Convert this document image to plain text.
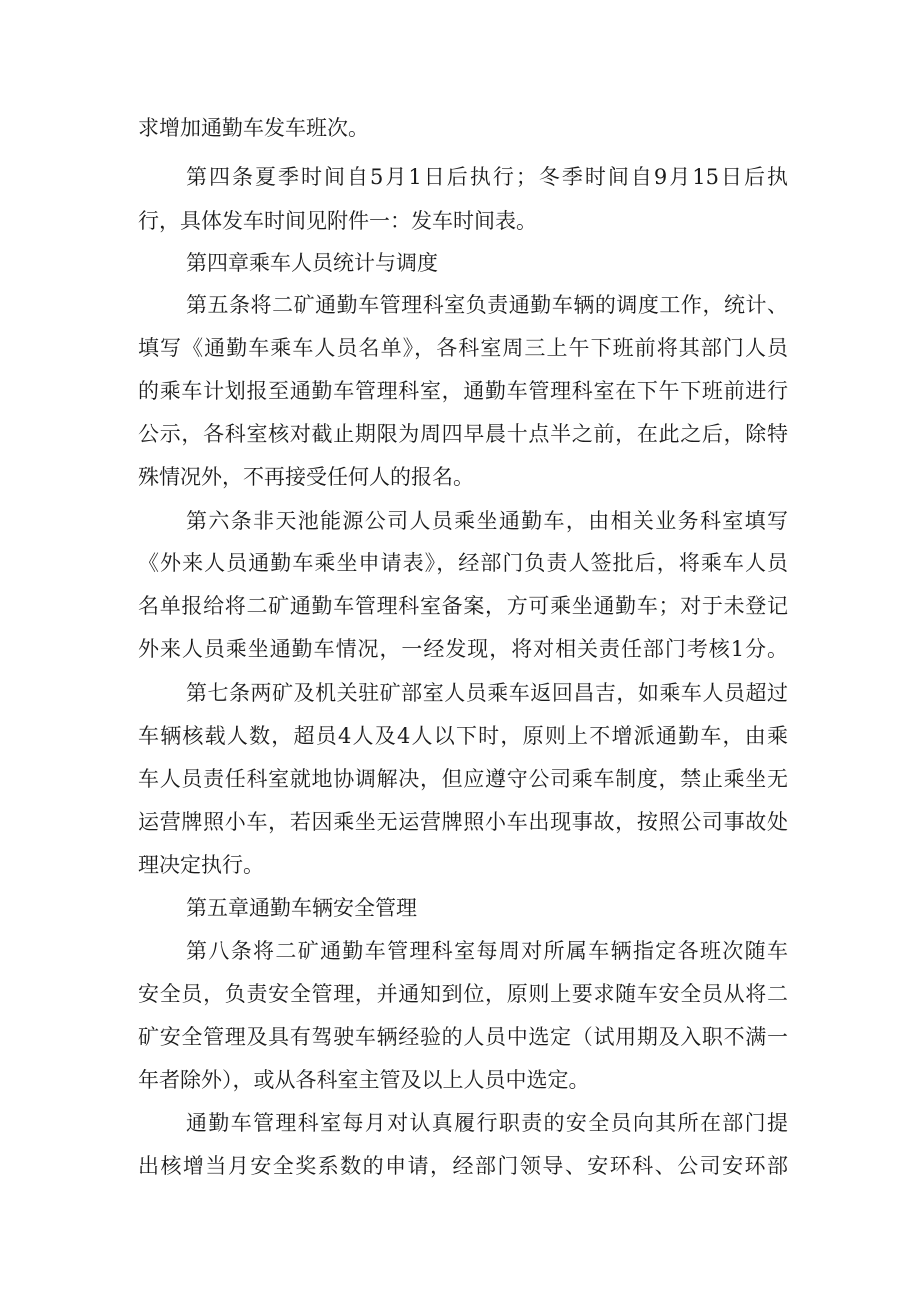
求增加通勤车发车班次。
第四条夏季时间自5月1日后执行；冬季时间自9月15日后执
行，具体发车时间见附件一：发车时间表。
第四章乘车人员统计与调度
第五条将二矿通勤车管理科室负责通勤车辆的调度工作，统计、
填写《通勤车乘车人员名单》，各科室周三上午下班前将其部门人员
的乘车计划报至通勤车管理科室，通勤车管理科室在下午下班前进行
公示，各科室核对截止期限为周四早晨十点半之前，在此之后，除特
殊情况外，不再接受任何人的报名。
第六条非天池能源公司人员乘坐通勤车，由相关业务科室填写
《外来人员通勤车乘坐申请表》，经部门负责人签批后，将乘车人员
名单报给将二矿通勤车管理科室备案，方可乘坐通勤车；对于未登记
外来人员乘坐通勤车情况，一经发现，将对相关责任部门考核1分。
第七条两矿及机关驻矿部室人员乘车返回昌吉，如乘车人员超过
车辆核载人数，超员4人及4人以下时，原则上不增派通勤车，由乘
车人员责任科室就地协调解决，但应遵守公司乘车制度，禁止乘坐无
运营牌照小车，若因乘坐无运营牌照小车出现事故，按照公司事故处
理决定执行。
第五章通勤车辆安全管理
第八条将二矿通勤车管理科室每周对所属车辆指定各班次随车
安全员，负责安全管理，并通知到位，原则上要求随车安全员从将二
矿安全管理及具有驾驶车辆经验的人员中选定（试用期及入职不满一
年者除外），或从各科室主管及以上人员中选定。
通勤车管理科室每月对认真履行职责的安全员向其所在部门提
出核增当月安全奖系数的申请，经部门领导、安环科、公司安环部
